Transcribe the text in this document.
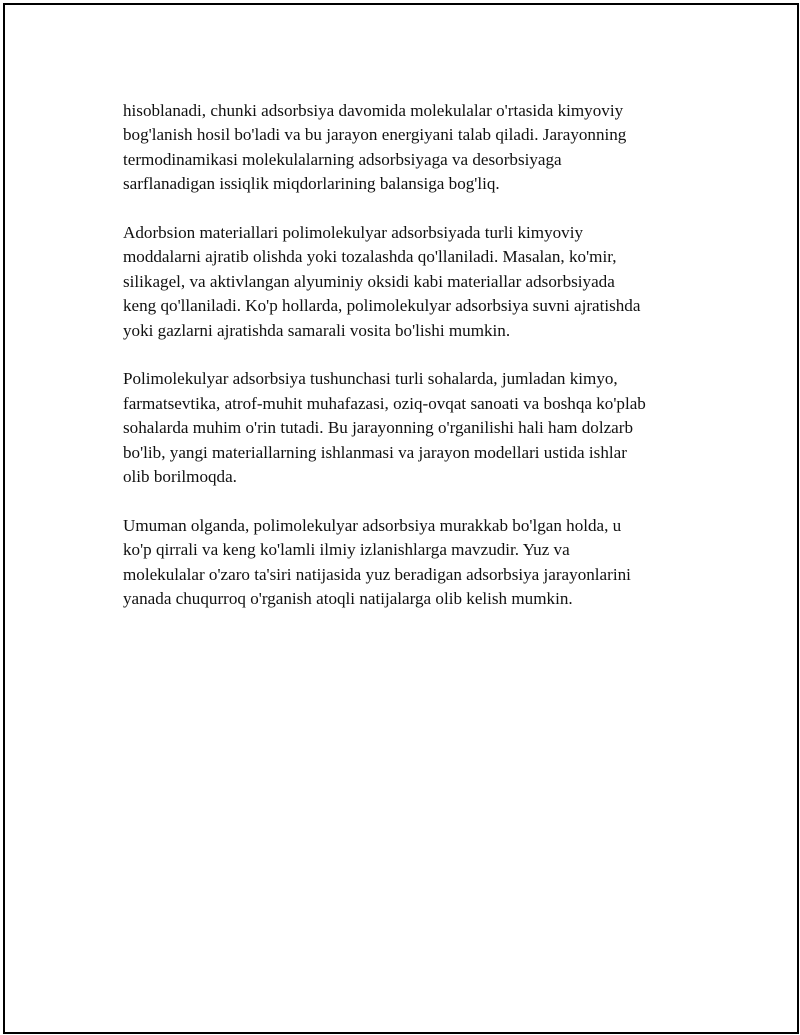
hisoblanadi, chunki adsorbsiya davomida molekulalar o'rtasida kimyoviy
bog'lanish hosil bo'ladi va bu jarayon energiyani talab qiladi. Jarayonning
termodinamikasi molekulalarning adsorbsiyaga va desorbsiyaga
sarflanadigan issiqlik miqdorlarining balansiga bog'liq.

Adorbsion materiallari polimolekulyar adsorbsiyada turli kimyoviy
moddalarni ajratib olishda yoki tozalashda qo'llaniladi. Masalan, ko'mir,
silikagel, va aktivlangan alyuminiy oksidi kabi materiallar adsorbsiyada
keng qo'llaniladi. Ko'p hollarda, polimolekulyar adsorbsiya suvni ajratishda
yoki gazlarni ajratishda samarali vosita bo'lishi mumkin.

Polimolekulyar adsorbsiya tushunchasi turli sohalarda, jumladan kimyo,
farmatsevtika, atrof-muhit muhafazasi, oziq-ovqat sanoati va boshqa ko'plab
sohalarda muhim o'rin tutadi. Bu jarayonning o'rganilishi hali ham dolzarb
bo'lib, yangi materiallarning ishlanmasi va jarayon modellari ustida ishlar
olib borilmoqda.

Umuman olganda, polimolekulyar adsorbsiya murakkab bo'lgan holda, u
ko'p qirrali va keng ko'lamli ilmiy izlanishlarga mavzudir. Yuz va
molekulalar o'zaro ta'siri natijasida yuz beradigan adsorbsiya jarayonlarini
yanada chuqurroq o'rganish atoqli natijalarga olib kelish mumkin.
